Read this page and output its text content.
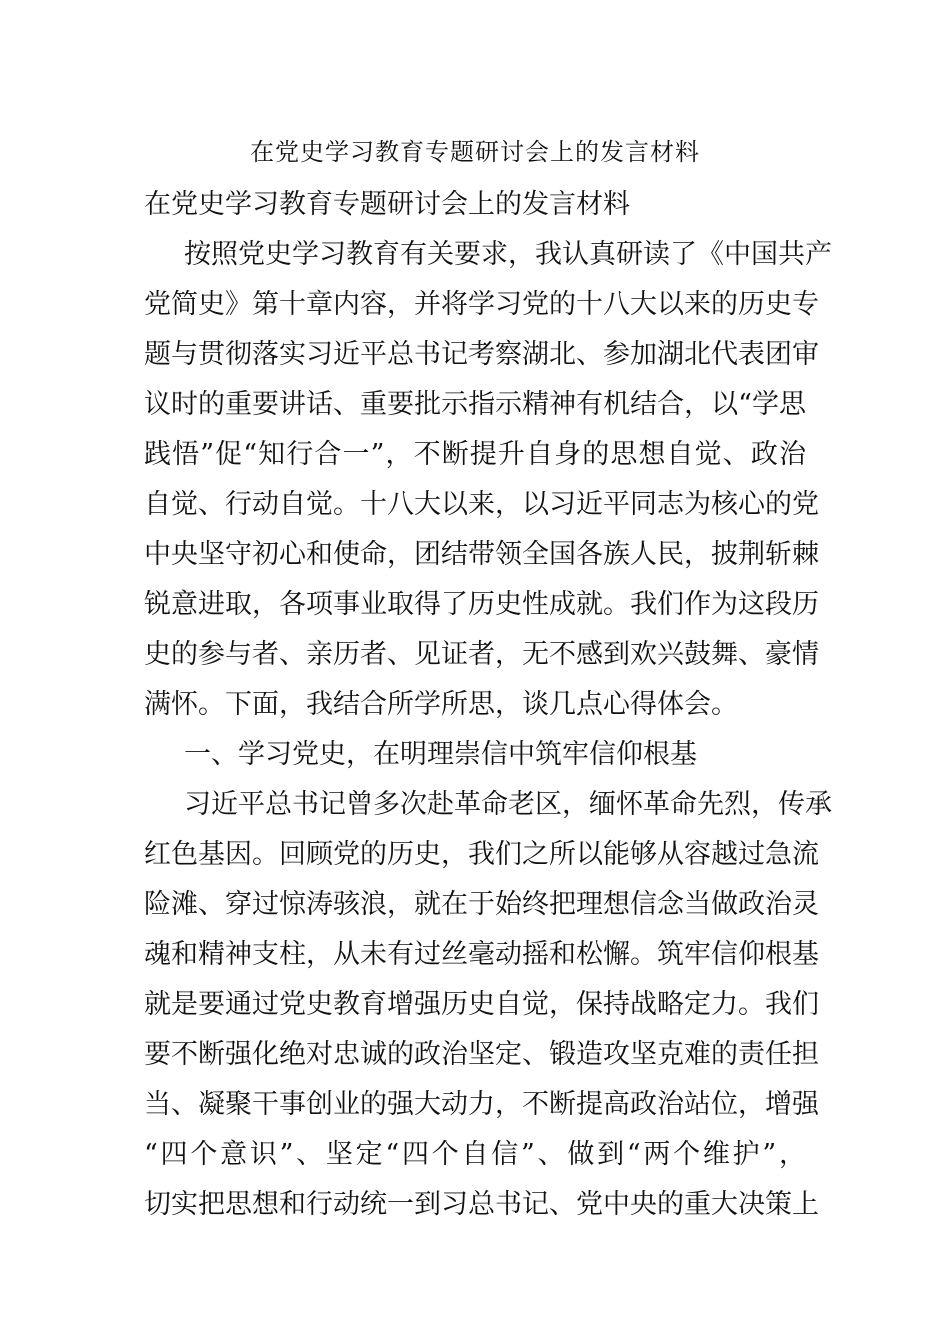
在党史学习教育专题研讨会上的发言材料
在党史学习教育专题研讨会上的发言材料
按照党史学习教育有关要求，我认真研读了《中国共产
党简史》第十章内容，并将学习党的十八大以来的历史专
题与贯彻落实习近平总书记考察湖北、参加湖北代表团审
议时的重要讲话、重要批示指示精神有机结合，以“学思
践悟”促“知行合一”，不断提升自身的思想自觉、政治
自觉、行动自觉。十八大以来，以习近平同志为核心的党
中央坚守初心和使命，团结带领全国各族人民，披荆斩棘
锐意进取，各项事业取得了历史性成就。我们作为这段历
史的参与者、亲历者、见证者，无不感到欢兴鼓舞、豪情
满怀。下面，我结合所学所思，谈几点心得体会。
一、学习党史，在明理崇信中筑牢信仰根基
习近平总书记曾多次赴革命老区，缅怀革命先烈，传承
红色基因。回顾党的历史，我们之所以能够从容越过急流
险滩、穿过惊涛骇浪，就在于始终把理想信念当做政治灵
魂和精神支柱，从未有过丝毫动摇和松懈。筑牢信仰根基
就是要通过党史教育增强历史自觉，保持战略定力。我们
要不断强化绝对忠诚的政治坚定、锻造攻坚克难的责任担
当、凝聚干事创业的强大动力，不断提高政治站位，增强
“四个意识”、坚定“四个自信”、做到“两个维护”，
切实把思想和行动统一到习总书记、党中央的重大决策上
